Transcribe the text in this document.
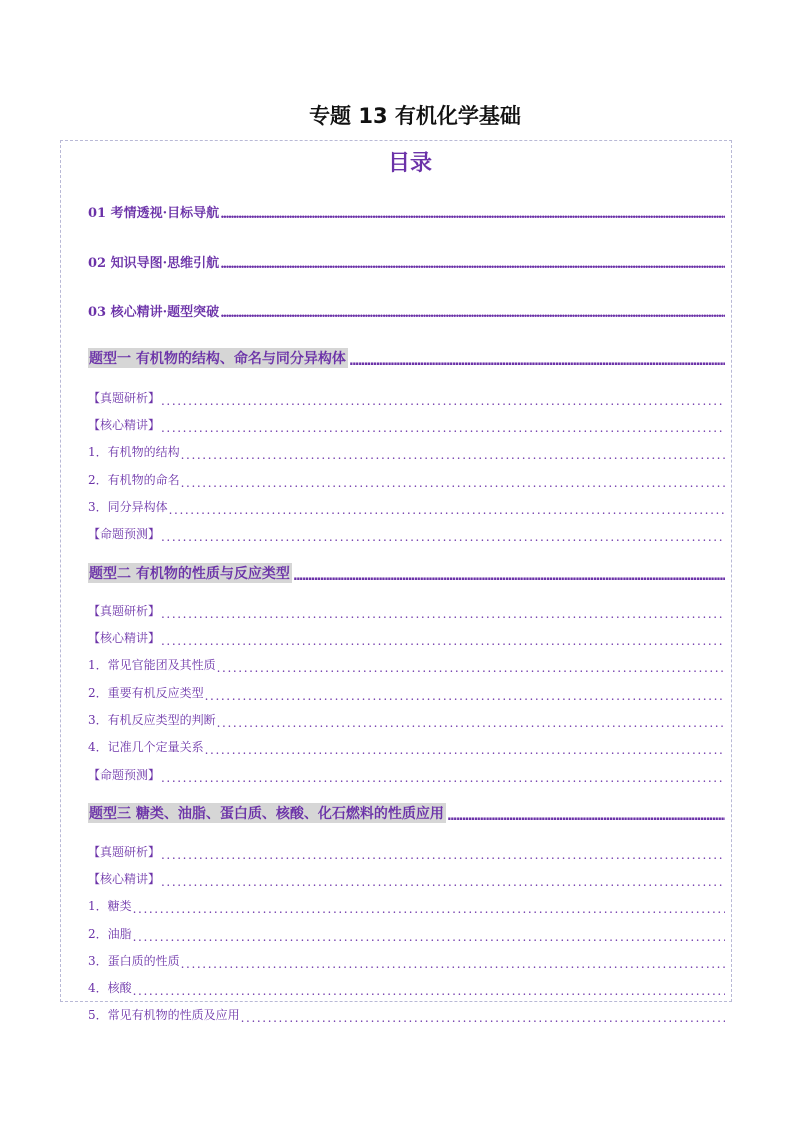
专题 13 有机化学基础
目录
01 考情透视·目标导航
.....
02 知识导图·思维引航
.....
03 核心精讲·题型突破
.....
题型一 有机物的结构、命名与同分异构体
.....
【真题研析】
.....
【核心精讲】
.....
1．有机物的结构
.....
2．有机物的命名
.....
3．同分异构体
.....
【命题预测】
.....
题型二 有机物的性质与反应类型
.....
【真题研析】
.....
【核心精讲】
.....
1．常见官能团及其性质
.....
2．重要有机反应类型
.....
3．有机反应类型的判断
.....
4．记准几个定量关系
.....
【命题预测】
.....
题型三 糖类、油脂、蛋白质、核酸、化石燃料的性质应用
.....
【真题研析】
.....
【核心精讲】
.....
1．糖类
.....
2．油脂
.....
3．蛋白质的性质
.....
4．核酸
.....
5．常见有机物的性质及应用
.....
